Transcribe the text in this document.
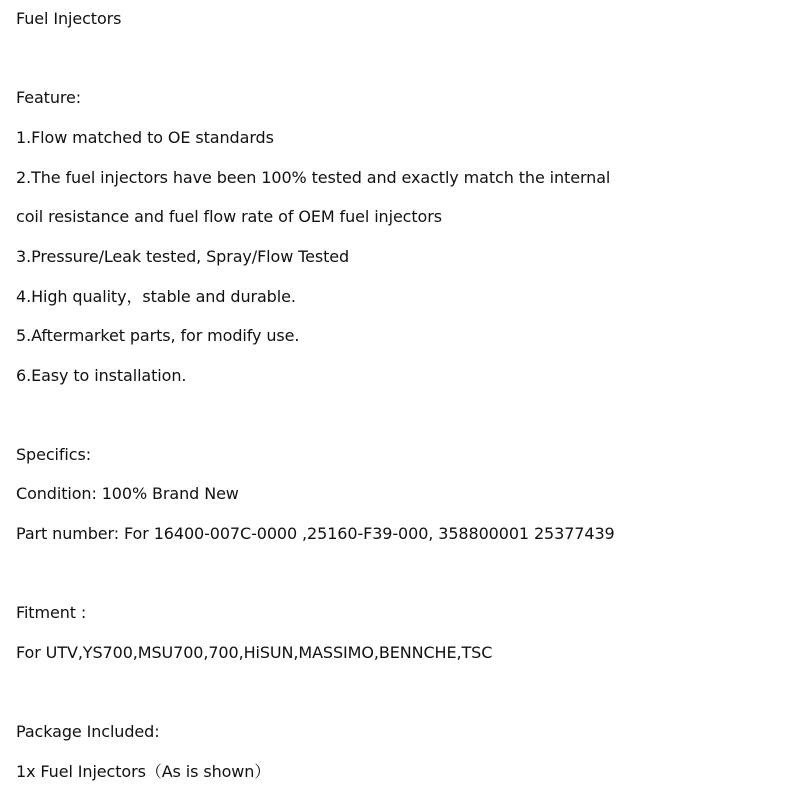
Fuel Injectors
Feature:
1.Flow matched to OE standards
2.The fuel injectors have been 100% tested and exactly match the internal
coil resistance and fuel flow rate of OEM fuel injectors
3.Pressure/Leak tested, Spray/Flow Tested
4.High quality，stable and durable.
5.Aftermarket parts, for modify use.
6.Easy to installation.
Specifics:
Condition: 100% Brand New
Part number: For 16400-007C-0000 ,25160-F39-000, 358800001 25377439
Fitment :
For UTV,YS700,MSU700,700,HiSUN,MASSIMO,BENNCHE,TSC
Package Included:
1x Fuel Injectors（As is shown）
